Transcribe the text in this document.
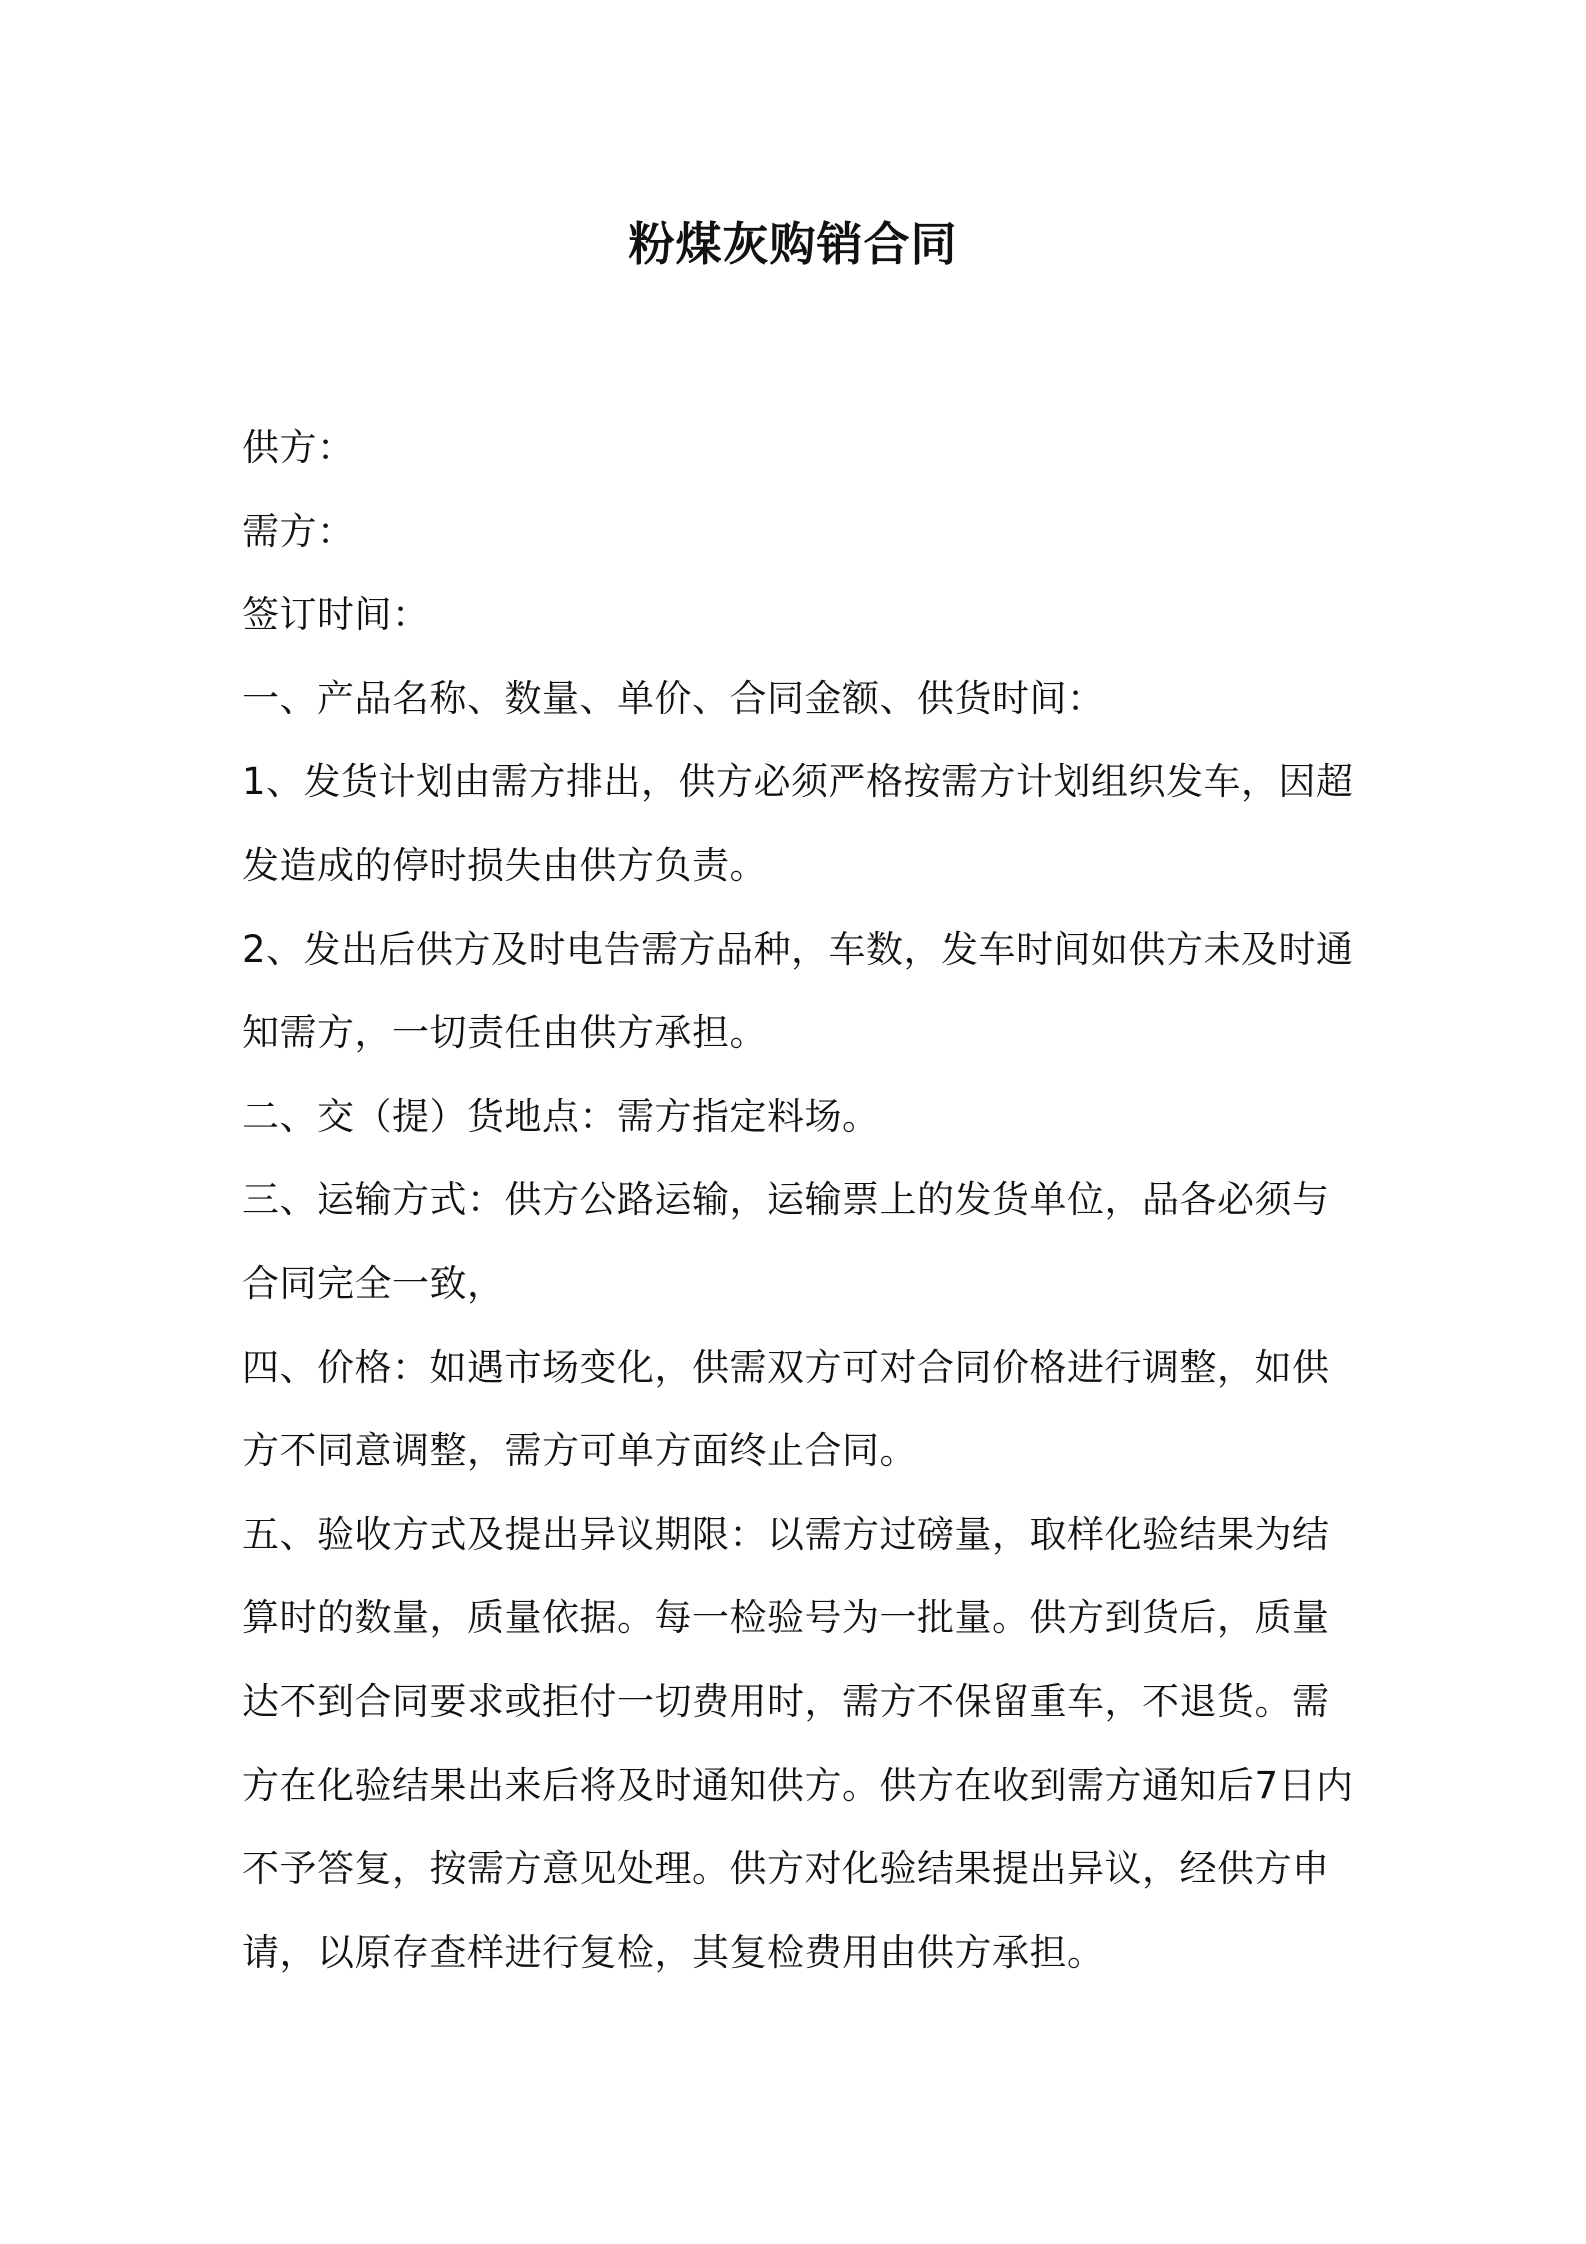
粉煤灰购销合同

供方：

需方：

签订时间：

一、产品名称、数量、单价、合同金额、供货时间：

1、发货计划由需方排出，供方必须严格按需方计划组织发车，因超发造成的停时损失由供方负责。

2、发出后供方及时电告需方品种，车数，发车时间如供方未及时通知需方，一切责任由供方承担。

二、交（提）货地点：需方指定料场。

三、运输方式：供方公路运输，运输票上的发货单位，品各必须与合同完全一致，

四、价格：如遇市场变化，供需双方可对合同价格进行调整，如供方不同意调整，需方可单方面终止合同。

五、验收方式及提出异议期限：以需方过磅量，取样化验结果为结算时的数量，质量依据。每一检验号为一批量。供方到货后，质量达不到合同要求或拒付一切费用时，需方不保留重车，不退货。需方在化验结果出来后将及时通知供方。供方在收到需方通知后7日内不予答复，按需方意见处理。供方对化验结果提出异议，经供方申请，以原存查样进行复检，其复检费用由供方承担。
